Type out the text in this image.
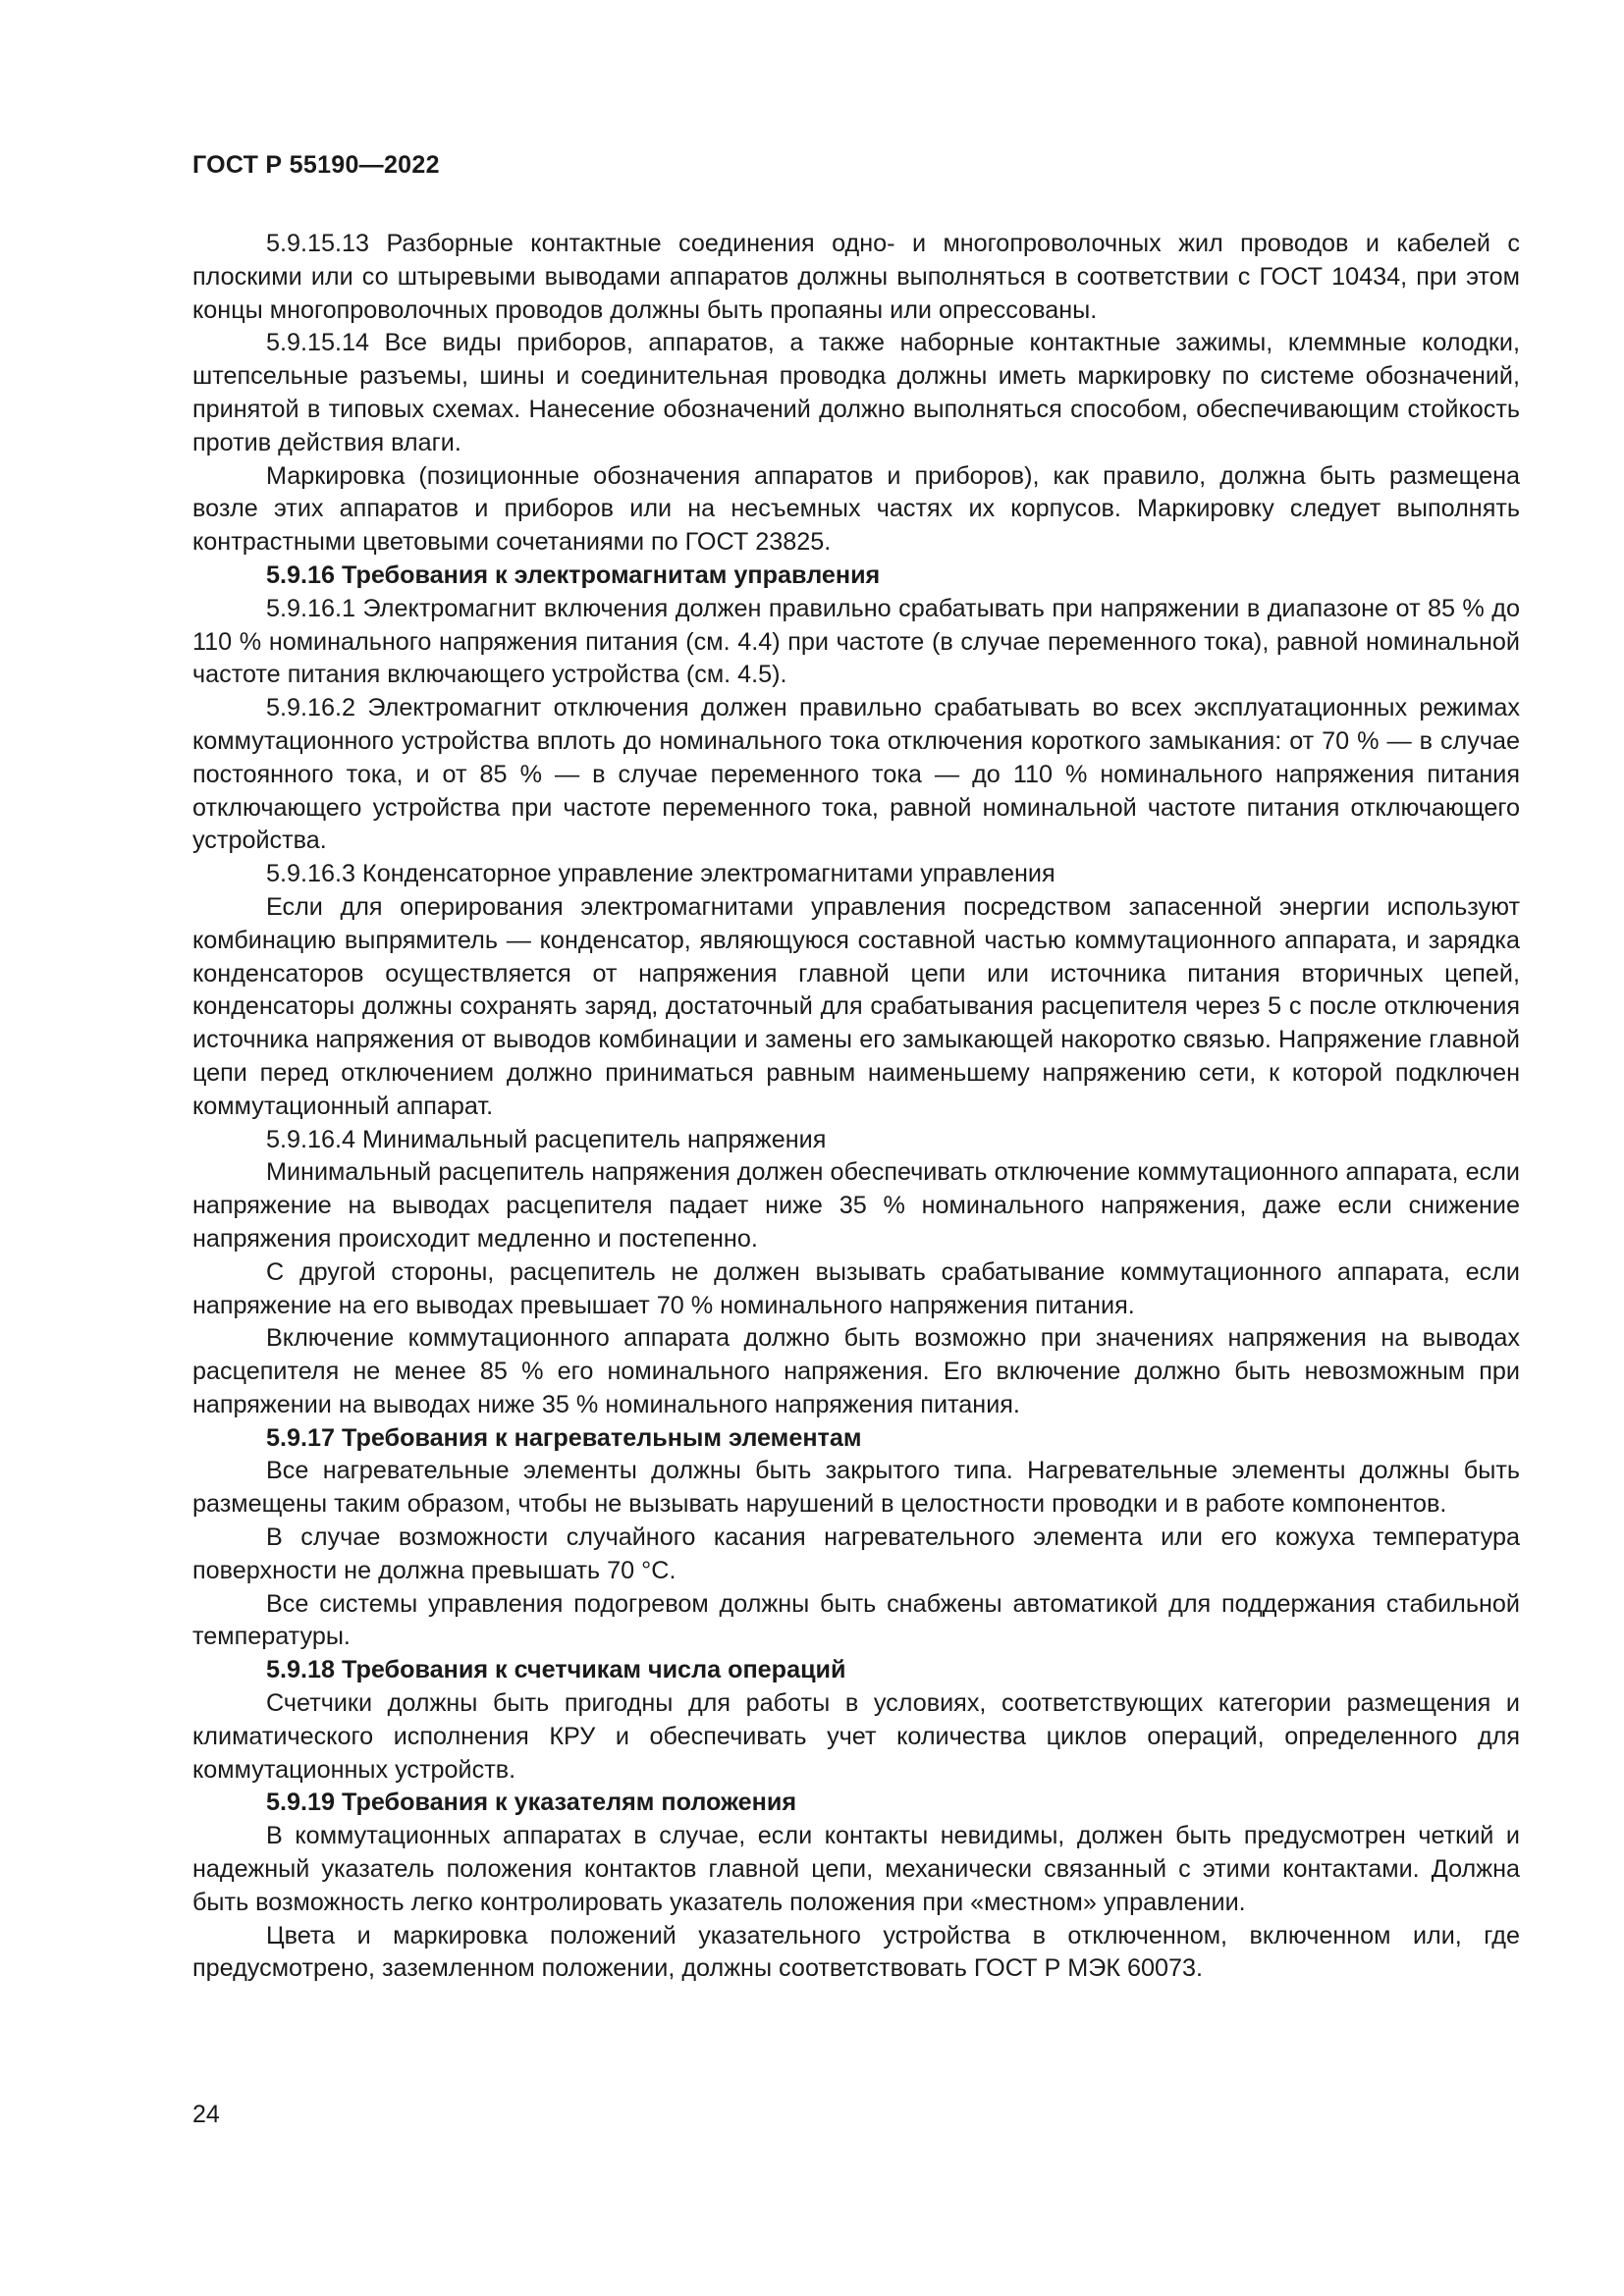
ГОСТ Р 55190—2022

5.9.15.13 Разборные контактные соединения одно- и многопроволочных жил проводов и кабелей с плоскими или со штыревыми выводами аппаратов должны выполняться в соответствии с ГОСТ 10434, при этом концы многопроволочных проводов должны быть пропаяны или опрессованы.

5.9.15.14 Все виды приборов, аппаратов, а также наборные контактные зажимы, клеммные колодки, штепсельные разъемы, шины и соединительная проводка должны иметь маркировку по системе обозначений, принятой в типовых схемах. Нанесение обозначений должно выполняться способом, обеспечивающим стойкость против действия влаги.

Маркировка (позиционные обозначения аппаратов и приборов), как правило, должна быть размещена возле этих аппаратов и приборов или на несъемных частях их корпусов. Маркировку следует выполнять контрастными цветовыми сочетаниями по ГОСТ 23825.

5.9.16 Требования к электромагнитам управления

5.9.16.1 Электромагнит включения должен правильно срабатывать при напряжении в диапазоне от 85 % до 110 % номинального напряжения питания (см. 4.4) при частоте (в случае переменного тока), равной номинальной частоте питания включающего устройства (см. 4.5).

5.9.16.2 Электромагнит отключения должен правильно срабатывать во всех эксплуатационных режимах коммутационного устройства вплоть до номинального тока отключения короткого замыкания: от 70 % — в случае постоянного тока, и от 85 % — в случае переменного тока — до 110 % номинального напряжения питания отключающего устройства при частоте переменного тока, равной номинальной частоте питания отключающего устройства.

5.9.16.3 Конденсаторное управление электромагнитами управления

Если для оперирования электромагнитами управления посредством запасенной энергии используют комбинацию выпрямитель — конденсатор, являющуюся составной частью коммутационного аппарата, и зарядка конденсаторов осуществляется от напряжения главной цепи или источника питания вторичных цепей, конденсаторы должны сохранять заряд, достаточный для срабатывания расцепителя через 5 с после отключения источника напряжения от выводов комбинации и замены его замыкающей накоротко связью. Напряжение главной цепи перед отключением должно приниматься равным наименьшему напряжению сети, к которой подключен коммутационный аппарат.

5.9.16.4 Минимальный расцепитель напряжения

Минимальный расцепитель напряжения должен обеспечивать отключение коммутационного аппарата, если напряжение на выводах расцепителя падает ниже 35 % номинального напряжения, даже если снижение напряжения происходит медленно и постепенно.

С другой стороны, расцепитель не должен вызывать срабатывание коммутационного аппарата, если напряжение на его выводах превышает 70 % номинального напряжения питания.

Включение коммутационного аппарата должно быть возможно при значениях напряжения на выводах расцепителя не менее 85 % его номинального напряжения. Его включение должно быть невозможным при напряжении на выводах ниже 35 % номинального напряжения питания.

5.9.17 Требования к нагревательным элементам

Все нагревательные элементы должны быть закрытого типа. Нагревательные элементы должны быть размещены таким образом, чтобы не вызывать нарушений в целостности проводки и в работе компонентов.

В случае возможности случайного касания нагревательного элемента или его кожуха температура поверхности не должна превышать 70 °С.

Все системы управления подогревом должны быть снабжены автоматикой для поддержания стабильной температуры.

5.9.18 Требования к счетчикам числа операций

Счетчики должны быть пригодны для работы в условиях, соответствующих категории размещения и климатического исполнения КРУ и обеспечивать учет количества циклов операций, определенного для коммутационных устройств.

5.9.19 Требования к указателям положения

В коммутационных аппаратах в случае, если контакты невидимы, должен быть предусмотрен четкий и надежный указатель положения контактов главной цепи, механически связанный с этими контактами. Должна быть возможность легко контролировать указатель положения при «местном» управлении.

Цвета и маркировка положений указательного устройства в отключенном, включенном или, где предусмотрено, заземленном положении, должны соответствовать ГОСТ Р МЭК 60073.

24
